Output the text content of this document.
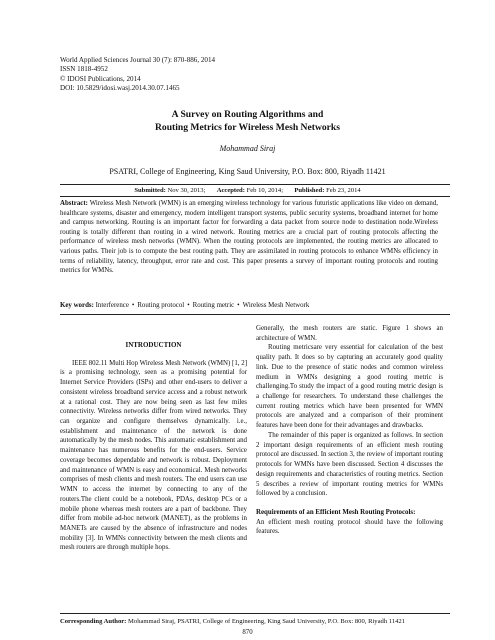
World Applied Sciences Journal 30 (7): 870-886, 2014
ISSN 1818-4952
© IDOSI Publications, 2014
DOI: 10.5829/idosi.wasj.2014.30.07.1465
A Survey on Routing Algorithms and
Routing Metrics for Wireless Mesh Networks
Mohammad Siraj
PSATRI, College of Engineering, King Saud University, P.O. Box: 800, Riyadh 11421
Submitted: Nov 30, 2013; Accepted: Feb 10, 2014; Published: Feb 23, 2014
Abstract: Wireless Mesh Network (WMN) is an emerging wireless technology for various futuristic applications like video on demand, healthcare systems, disaster and emergency, modern intelligent transport systems, public security systems, broadband internet for home and campus networking. Routing is an important factor for forwarding a data packet from source node to destination node.Wireless routing is totally different than routing in a wired network. Routing metrics are a crucial part of routing protocols affecting the performance of wireless mesh networks (WMN). When the routing protocols are implemented, the routing metrics are allocated to various paths. Their job is to compute the best routing path. They are assimilated in routing protocols to enhance WMNs efficiency in terms of reliability, latency, throughput, error rate and cost. This paper presents a survey of important routing protocols and routing metrics for WMNs.
Key words: Interference • Routing protocol • Routing metric • Wireless Mesh Network

INTRODUCTION

IEEE 802.11 Multi Hop Wireless Mesh Network (WMN) [1, 2] is a promising technology, seen as a promising potential for Internet Service Providers (ISPs) and other end-users to deliver a consistent wireless broadband service access and a robust network at a rational cost. They are now being seen as last few miles connectivity. Wireless networks differ from wired networks. They can organize and configure themselves dynamically. i.e., establishment and maintenance of the network is done automatically by the mesh nodes. This automatic establishment and maintenance has numerous benefits for the end-users. Service coverage becomes dependable and network is robust. Deployment and maintenance of WMN is easy and economical. Mesh networks comprises of mesh clients and mesh routers. The end users can use WMN to access the internet by connecting to any of the routers.The client could be a notebook, PDAs, desktop PCs or a mobile phone whereas mesh routers are a part of backbone. They differ from mobile ad-hoc network (MANET), as the problems in MANETs are caused by the absence of infrastructure and nodes mobility [3]. In WMNs connectivity between the mesh clients and mesh routers are through multiple hops.

Generally, the mesh routers are static. Figure 1 shows an architecture of WMN.

Routing metricsare very essential for calculation of the best quality path. It does so by capturing an accurately good quality link. Due to the presence of static nodes and common wireless medium in WMNs designing a good routing metric is challenging.To study the impact of a good routing metric design is a challenge for researchers. To understand these challenges the current routing metrics which have been presented for WMN protocols are analyzed and a comparison of their prominent features have been done for their advantages and drawbacks.

The remainder of this paper is organized as follows. In section 2 important design requirements of an efficient mesh routing protocol are discussed. In section 3, the review of important routing protocols for WMNs have been discussed. Section 4 discusses the design requirements and characteristics of routing metrics. Section 5 describes a review of important routing metrics for WMNs followed by a conclusion.

Requirements of an Efficient Mesh Routing Protocols:

An efficient mesh routing protocol should have the following features.

Corresponding Author: Mohammad Siraj, PSATRI, College of Engineering, King Saud University, P.O. Box: 800, Riyadh 11421
870
